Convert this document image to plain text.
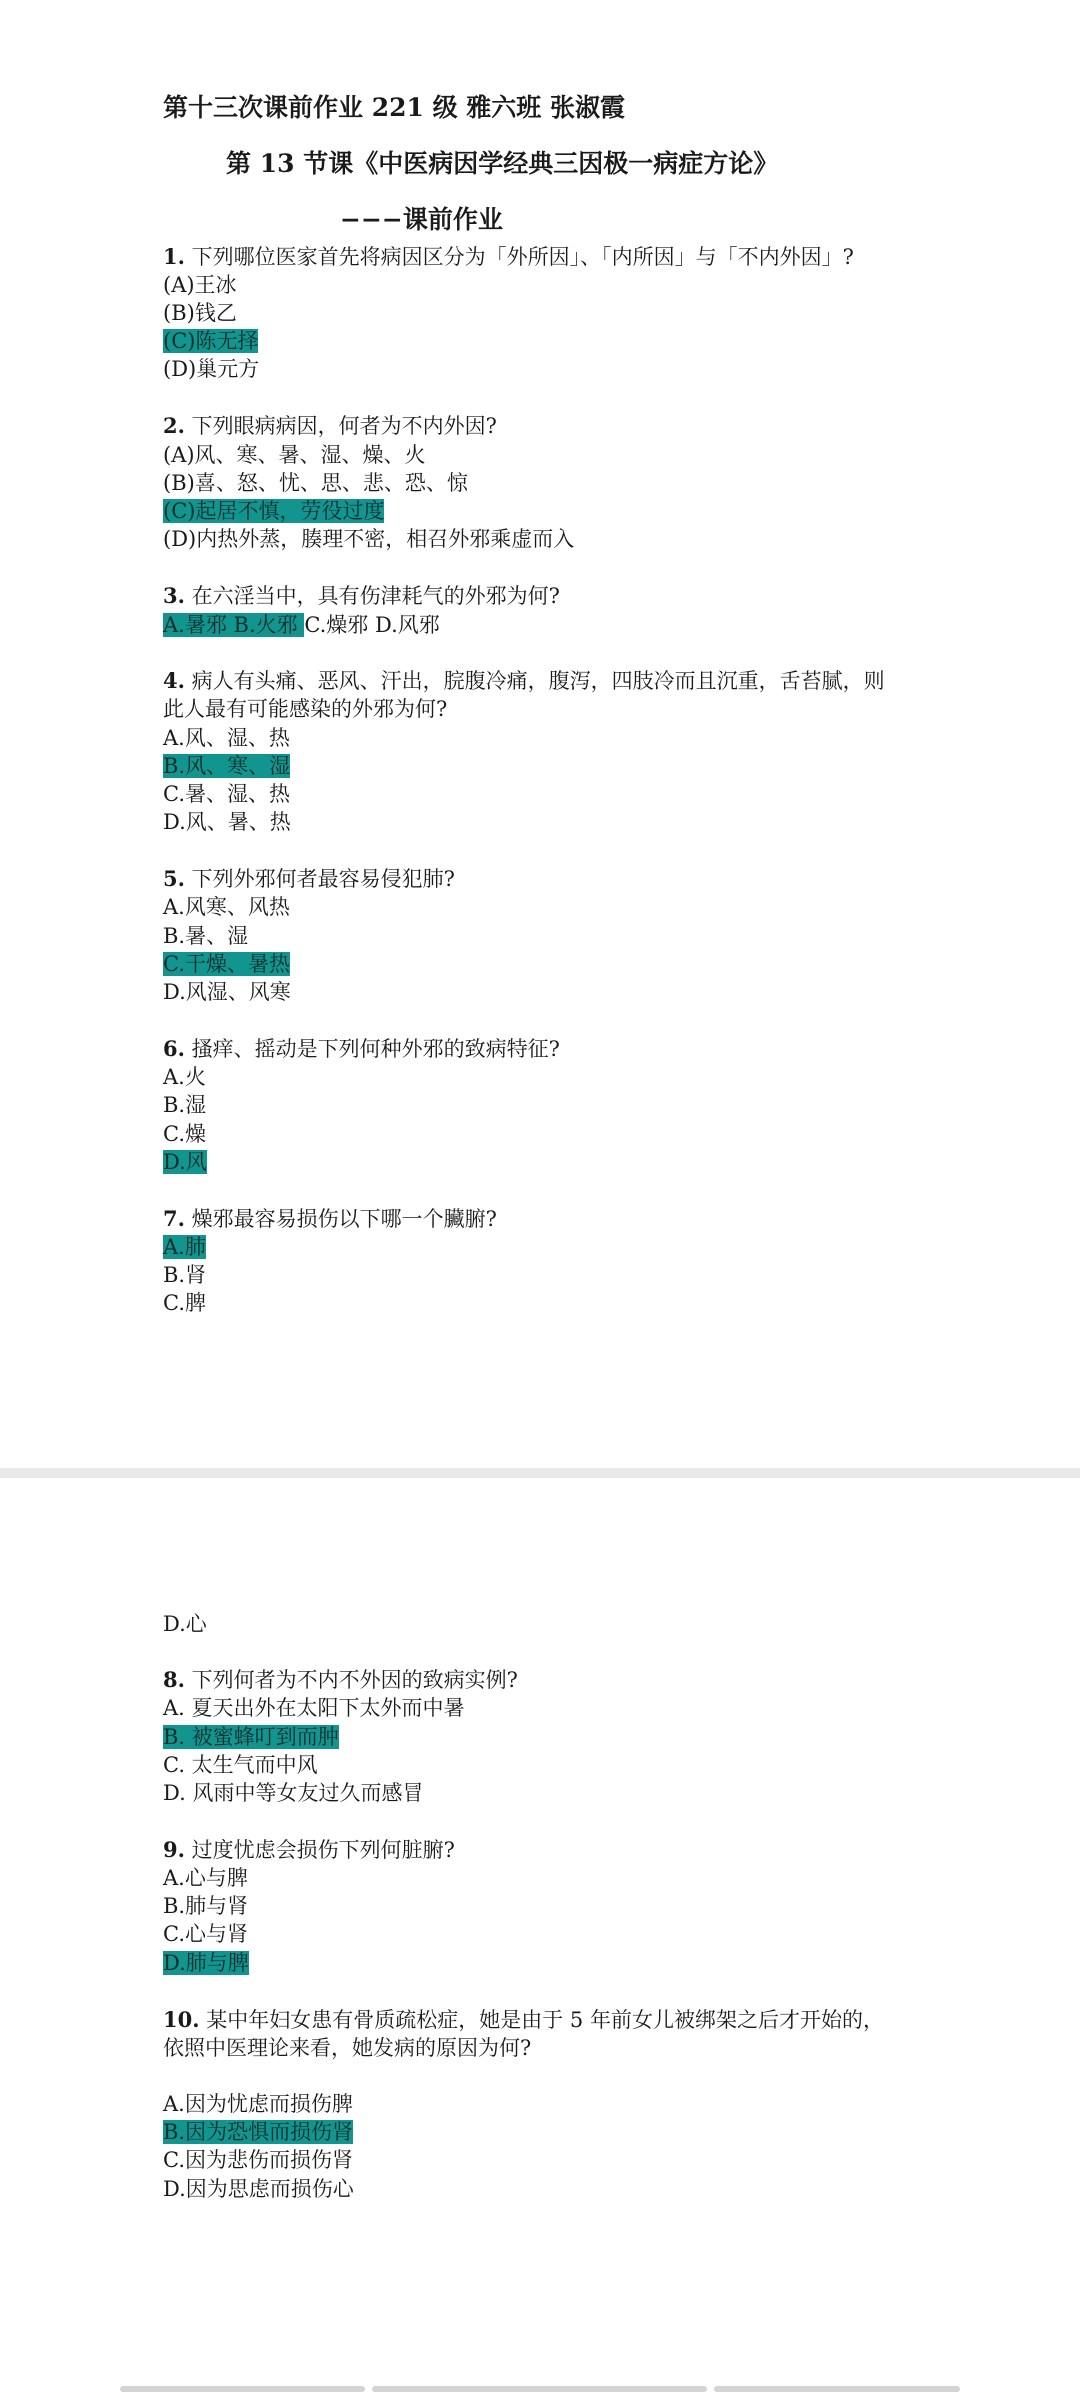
第十三次课前作业 221 级 雅六班 张淑霞
第 13 节课《中医病因学经典三因极一病症方论》
−−−课前作业
1. 下列哪位医家首先将病因区分为「外所因」、「内所因」与「不内外因」?
(A)王冰
(B)钱乙
(C)陈无择
(D)巢元方
2. 下列眼病病因，何者为不内外因?
(A)风、寒、暑、湿、燥、火
(B)喜、怒、忧、思、悲、恐、惊
(C)起居不慎，劳役过度
(D)内热外蒸，腠理不密，相召外邪乘虚而入
3. 在六淫当中，具有伤津耗气的外邪为何?
A.暑邪 B.火邪 C.燥邪 D.风邪
4. 病人有头痛、恶风、汗出，脘腹冷痛，腹泻，四肢冷而且沉重，舌苔腻，则
此人最有可能感染的外邪为何?
A.风、湿、热
B.风、寒、湿
C.暑、湿、热
D.风、暑、热
5. 下列外邪何者最容易侵犯肺?
A.风寒、风热
B.暑、湿
C.干燥、暑热
D.风湿、风寒
6. 搔痒、摇动是下列何种外邪的致病特征?
A.火
B.湿
C.燥
D.风
7. 燥邪最容易损伤以下哪一个臟腑?
A.肺
B.肾
C.脾
D.心
8. 下列何者为不内不外因的致病实例?
A. 夏天出外在太阳下太外而中暑
B. 被蜜蜂叮到而肿
C. 太生气而中风
D. 风雨中等女友过久而感冒
9. 过度忧虑会损伤下列何脏腑?
A.心与脾
B.肺与肾
C.心与肾
D.肺与脾
10. 某中年妇女患有骨质疏松症，她是由于 5 年前女儿被绑架之后才开始的，
依照中医理论来看，她发病的原因为何?
A.因为忧虑而损伤脾
B.因为恐惧而损伤肾
C.因为悲伤而损伤肾
D.因为思虑而损伤心
